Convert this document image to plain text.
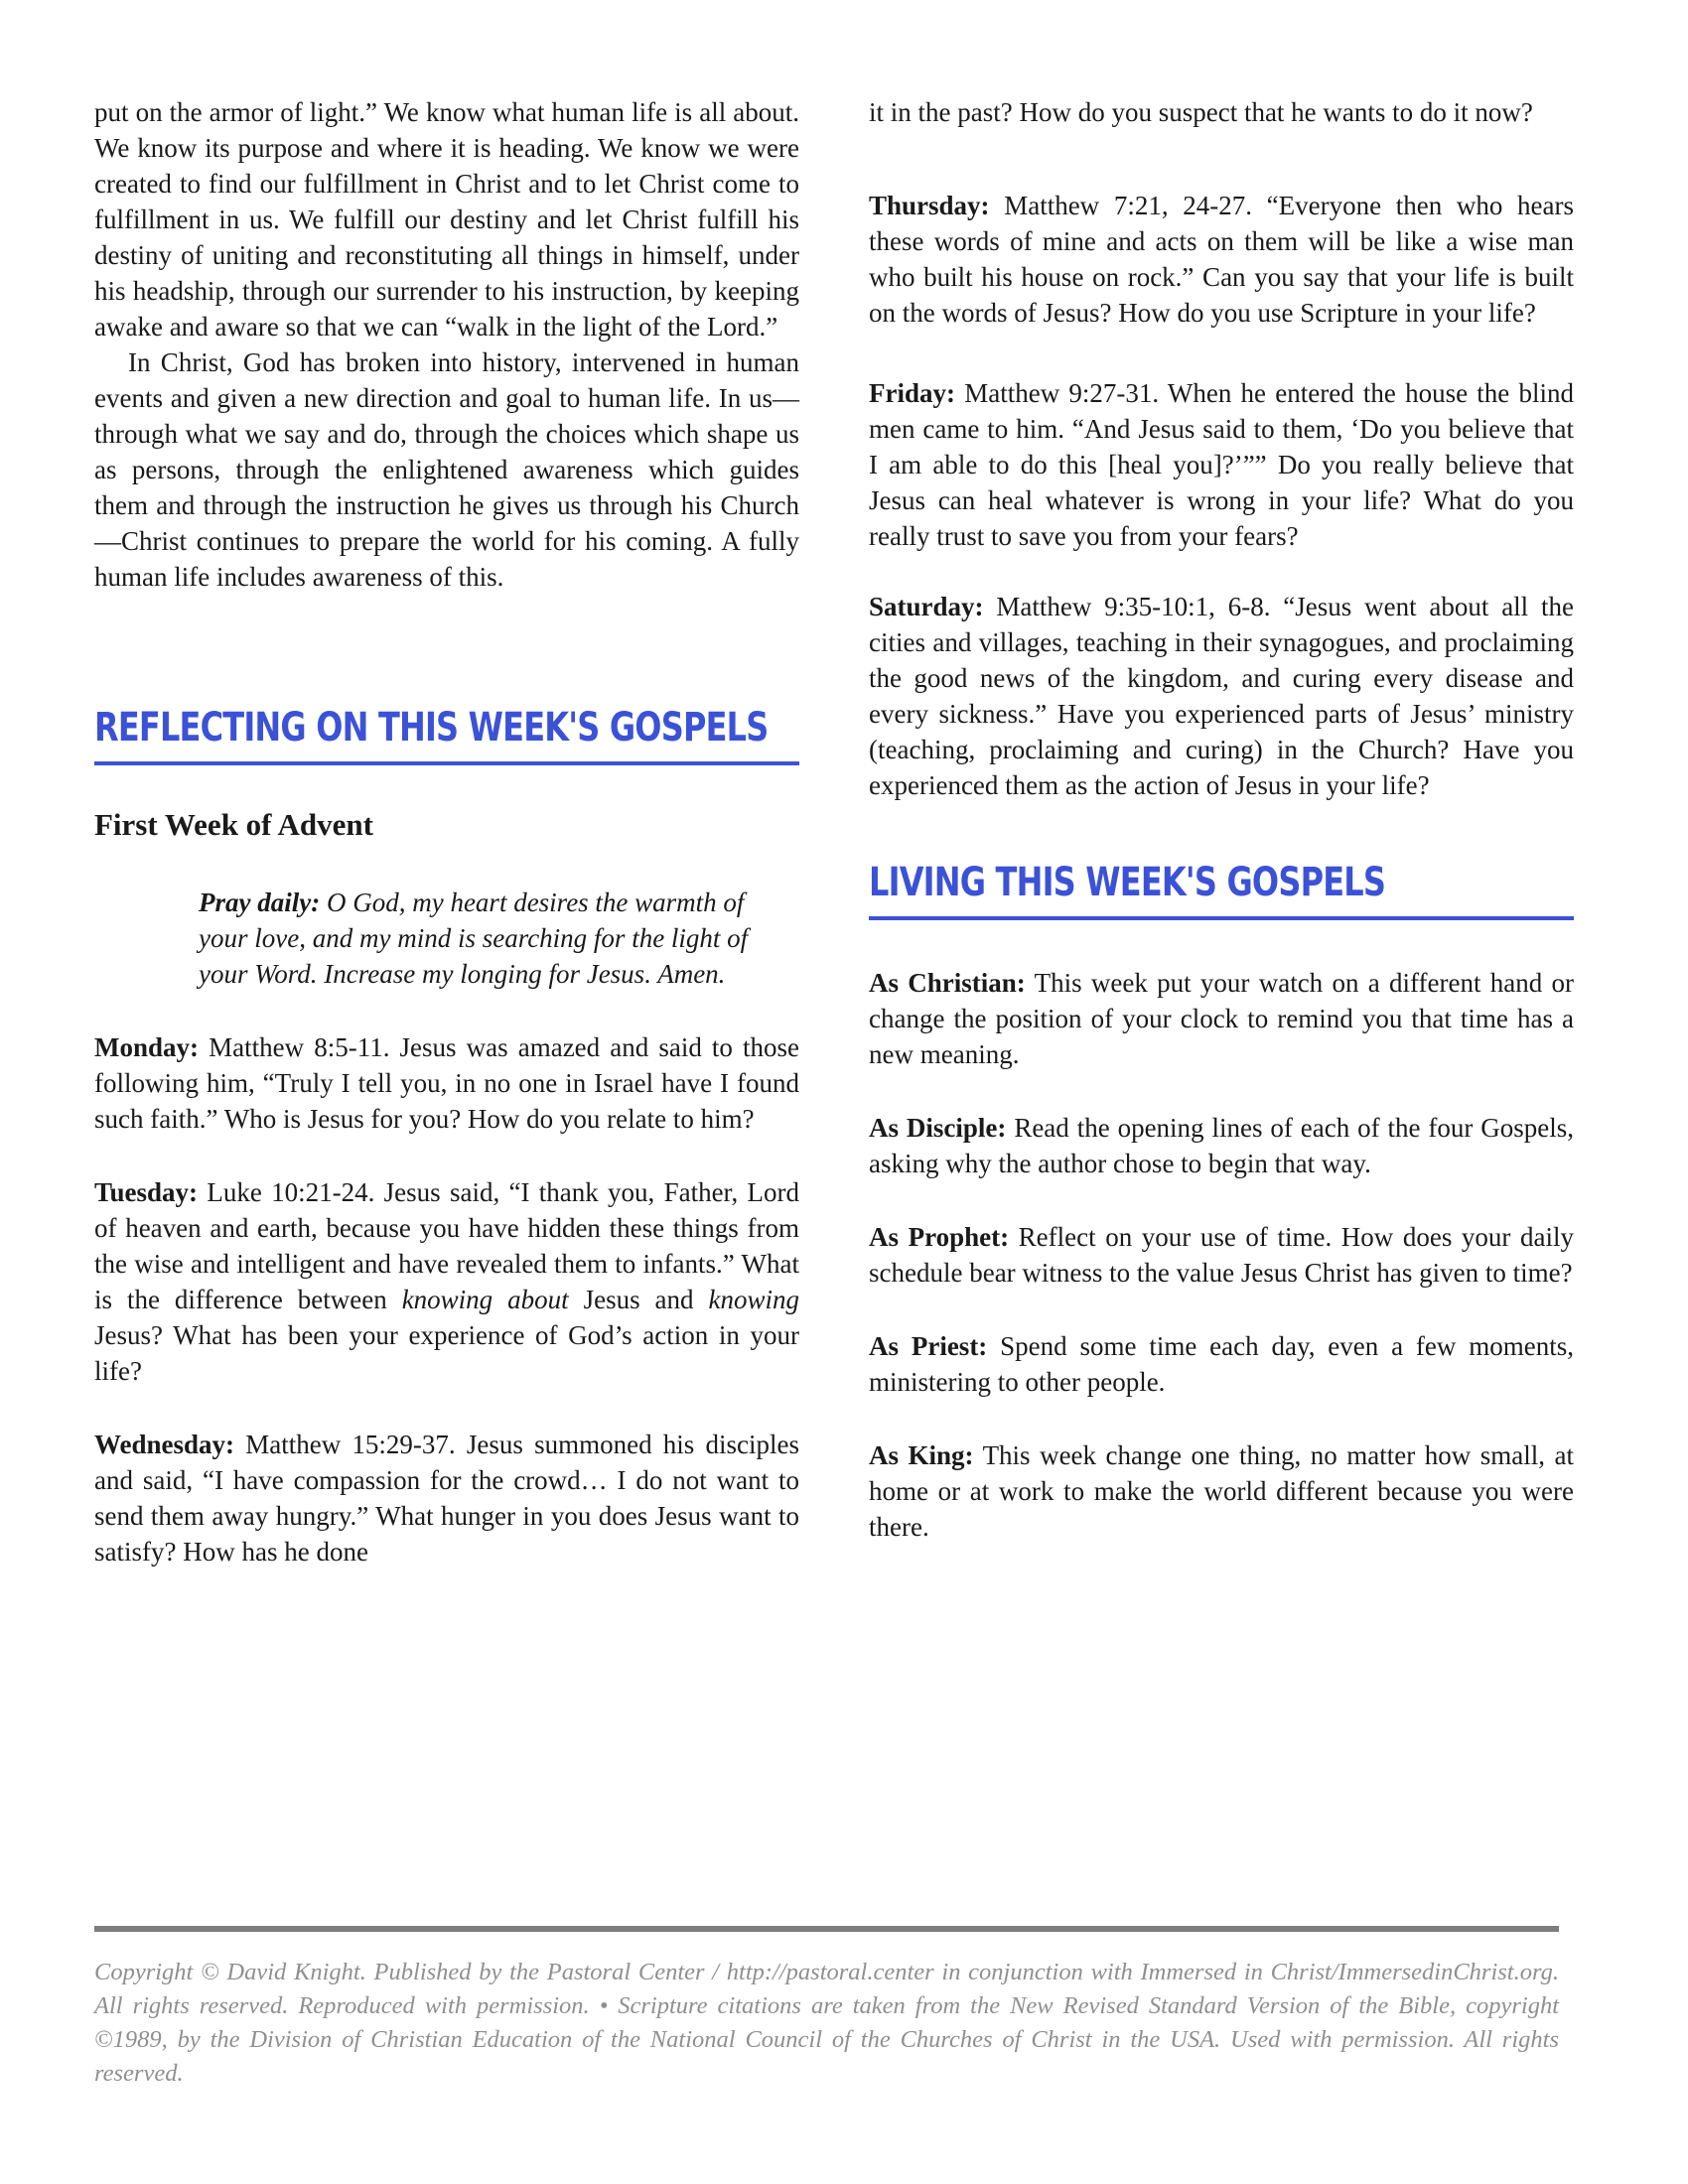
put on the armor of light.” We know what human life is all about. We know its purpose and where it is heading. We know we were created to find our fulfillment in Christ and to let Christ come to fulfillment in us. We fulfill our destiny and let Christ fulfill his destiny of uniting and reconstituting all things in himself, under his headship, through our surrender to his instruction, by keeping awake and aware so that we can “walk in the light of the Lord.”

In Christ, God has broken into history, intervened in human events and given a new direction and goal to human life. In us—through what we say and do, through the choices which shape us as persons, through the enlightened awareness which guides them and through the instruction he gives us through his Church—Christ continues to prepare the world for his coming. A fully human life includes awareness of this.

REFLECTING ON THIS WEEK'S GOSPELS
First Week of Advent

Pray daily: O God, my heart desires the warmth of your love, and my mind is searching for the light of your Word. Increase my longing for Jesus. Amen.

Monday: Matthew 8:5-11. Jesus was amazed and said to those following him, “Truly I tell you, in no one in Israel have I found such faith.” Who is Jesus for you? How do you relate to him?

Tuesday: Luke 10:21-24. Jesus said, “I thank you, Father, Lord of heaven and earth, because you have hidden these things from the wise and intelligent and have revealed them to infants.” What is the difference between knowing about Jesus and knowing Jesus? What has been your experience of God’s action in your life?

Wednesday: Matthew 15:29-37. Jesus summoned his disciples and said, “I have compassion for the crowd… I do not want to send them away hungry.” What hunger in you does Jesus want to satisfy? How has he done

it in the past? How do you suspect that he wants to do it now?

Thursday: Matthew 7:21, 24-27. “Everyone then who hears these words of mine and acts on them will be like a wise man who built his house on rock.” Can you say that your life is built on the words of Jesus? How do you use Scripture in your life?

Friday: Matthew 9:27-31. When he entered the house the blind men came to him. “And Jesus said to them, ‘Do you believe that I am able to do this [heal you]?’”” Do you really believe that Jesus can heal whatever is wrong in your life? What do you really trust to save you from your fears?

Saturday: Matthew 9:35-10:1, 6-8. “Jesus went about all the cities and villages, teaching in their synagogues, and proclaiming the good news of the kingdom, and curing every disease and every sickness.” Have you experienced parts of Jesus’ ministry (teaching, proclaiming and curing) in the Church? Have you experienced them as the action of Jesus in your life?

LIVING THIS WEEK'S GOSPELS

As Christian: This week put your watch on a different hand or change the position of your clock to remind you that time has a new meaning.

As Disciple: Read the opening lines of each of the four Gospels, asking why the author chose to begin that way.

As Prophet: Reflect on your use of time. How does your daily schedule bear witness to the value Jesus Christ has given to time?

As Priest: Spend some time each day, even a few moments, ministering to other people.

As King: This week change one thing, no matter how small, at home or at work to make the world different because you were there.

Copyright © David Knight. Published by the Pastoral Center / http://pastoral.center in conjunction with Immersed in Christ/ImmersedinChrist.org. All rights reserved. Reproduced with permission. • Scripture citations are taken from the New Revised Standard Version of the Bible, copyright ©1989, by the Division of Christian Education of the National Council of the Churches of Christ in the USA. Used with permission. All rights reserved.
